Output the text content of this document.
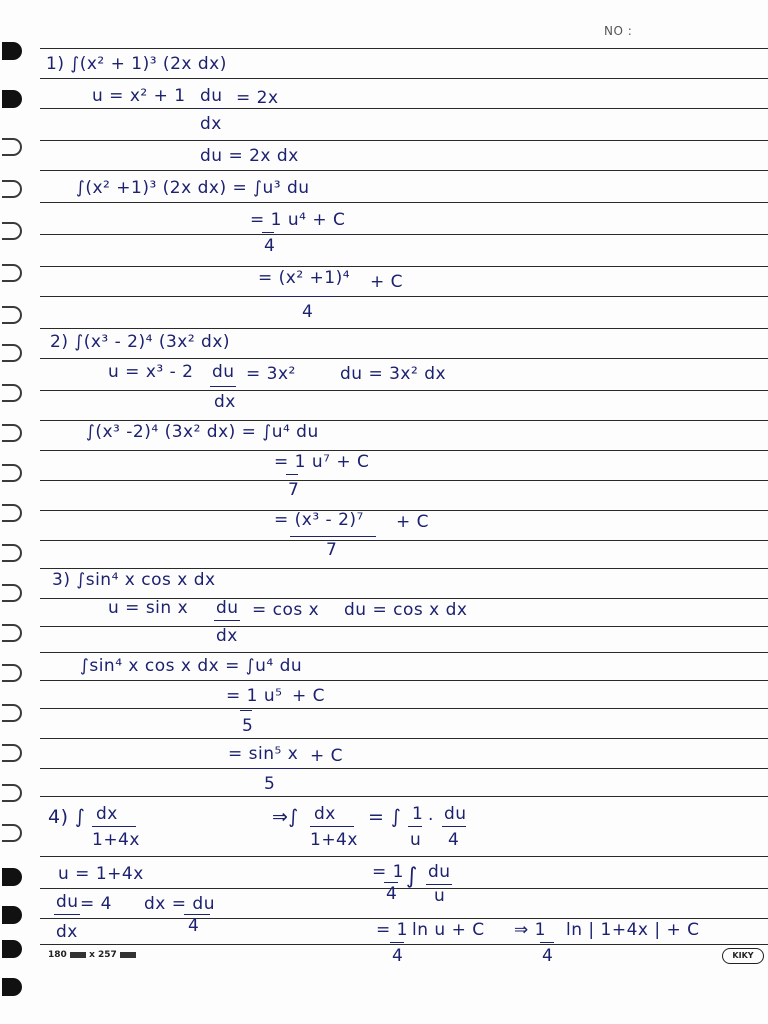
NO :
1) ∫(x² + 1)³ (2x dx)
u = x² + 1 du = 2x
dx
du = 2x dx
∫(x² +1)³ (2x dx) = ∫u³ du
= 1 u⁴ + C
4
= (x² +1)⁴ + C
4
2) ∫(x³ - 2)⁴ (3x² dx)
u = x³ - 2 du = 3x²	du = 3x² dx
dx
∫(x³ -2)⁴ (3x² dx) = ∫u⁴ du
= 1 u⁷ + C
7
= (x³ - 2)⁷ + C
7
3) ∫sin⁴ x cos x dx
u = sin x du = cos x du = cos x dx
dx
∫sin⁴ x cos x dx = ∫u⁴ du
= 1 u⁵ + C
5
= sin⁵ x + C
5
4) ∫ dx
1+4x
⇒∫ dx
1+4x
= ∫ 1
u
· du
4
u = 1+4x	= 1
4
∫ du
u
du = 4 dx = du
dx	4	= 1 ln u + C
4
⇒ 1 ln | 1+4x | + C
4
180 x 257	KIKY
